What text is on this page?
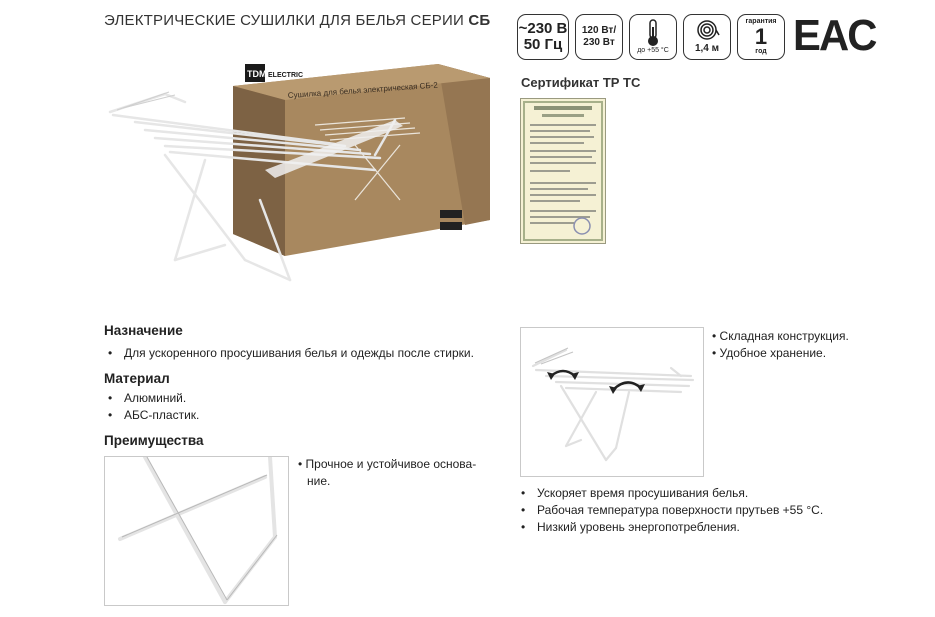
ЭЛЕКТРИЧЕСКИЕ СУШИЛКИ ДЛЯ БЕЛЬЯ СЕРИИ СБ ~230 В
50 Гц
120 Вт/
230 Вт
до +55 °С	1,4 м
гарантия
1
год EAC
TDM ELECTRIC
Сушилка для белья электрическая СБ-2	Сертификат ТР ТС
Назначение
• Для ускоренного просушивания белья и одежды после стирки.
Материал
• Алюминий.
• АБС-пластик.
Преимущества
• Прочное и устойчивое основа-
ние.
• Складная конструкция.
• Удобное хранение.
• Ускоряет время просушивания белья.
• Рабочая температура поверхности прутьев +55 °С.
• Низкий уровень энергопотребления.
